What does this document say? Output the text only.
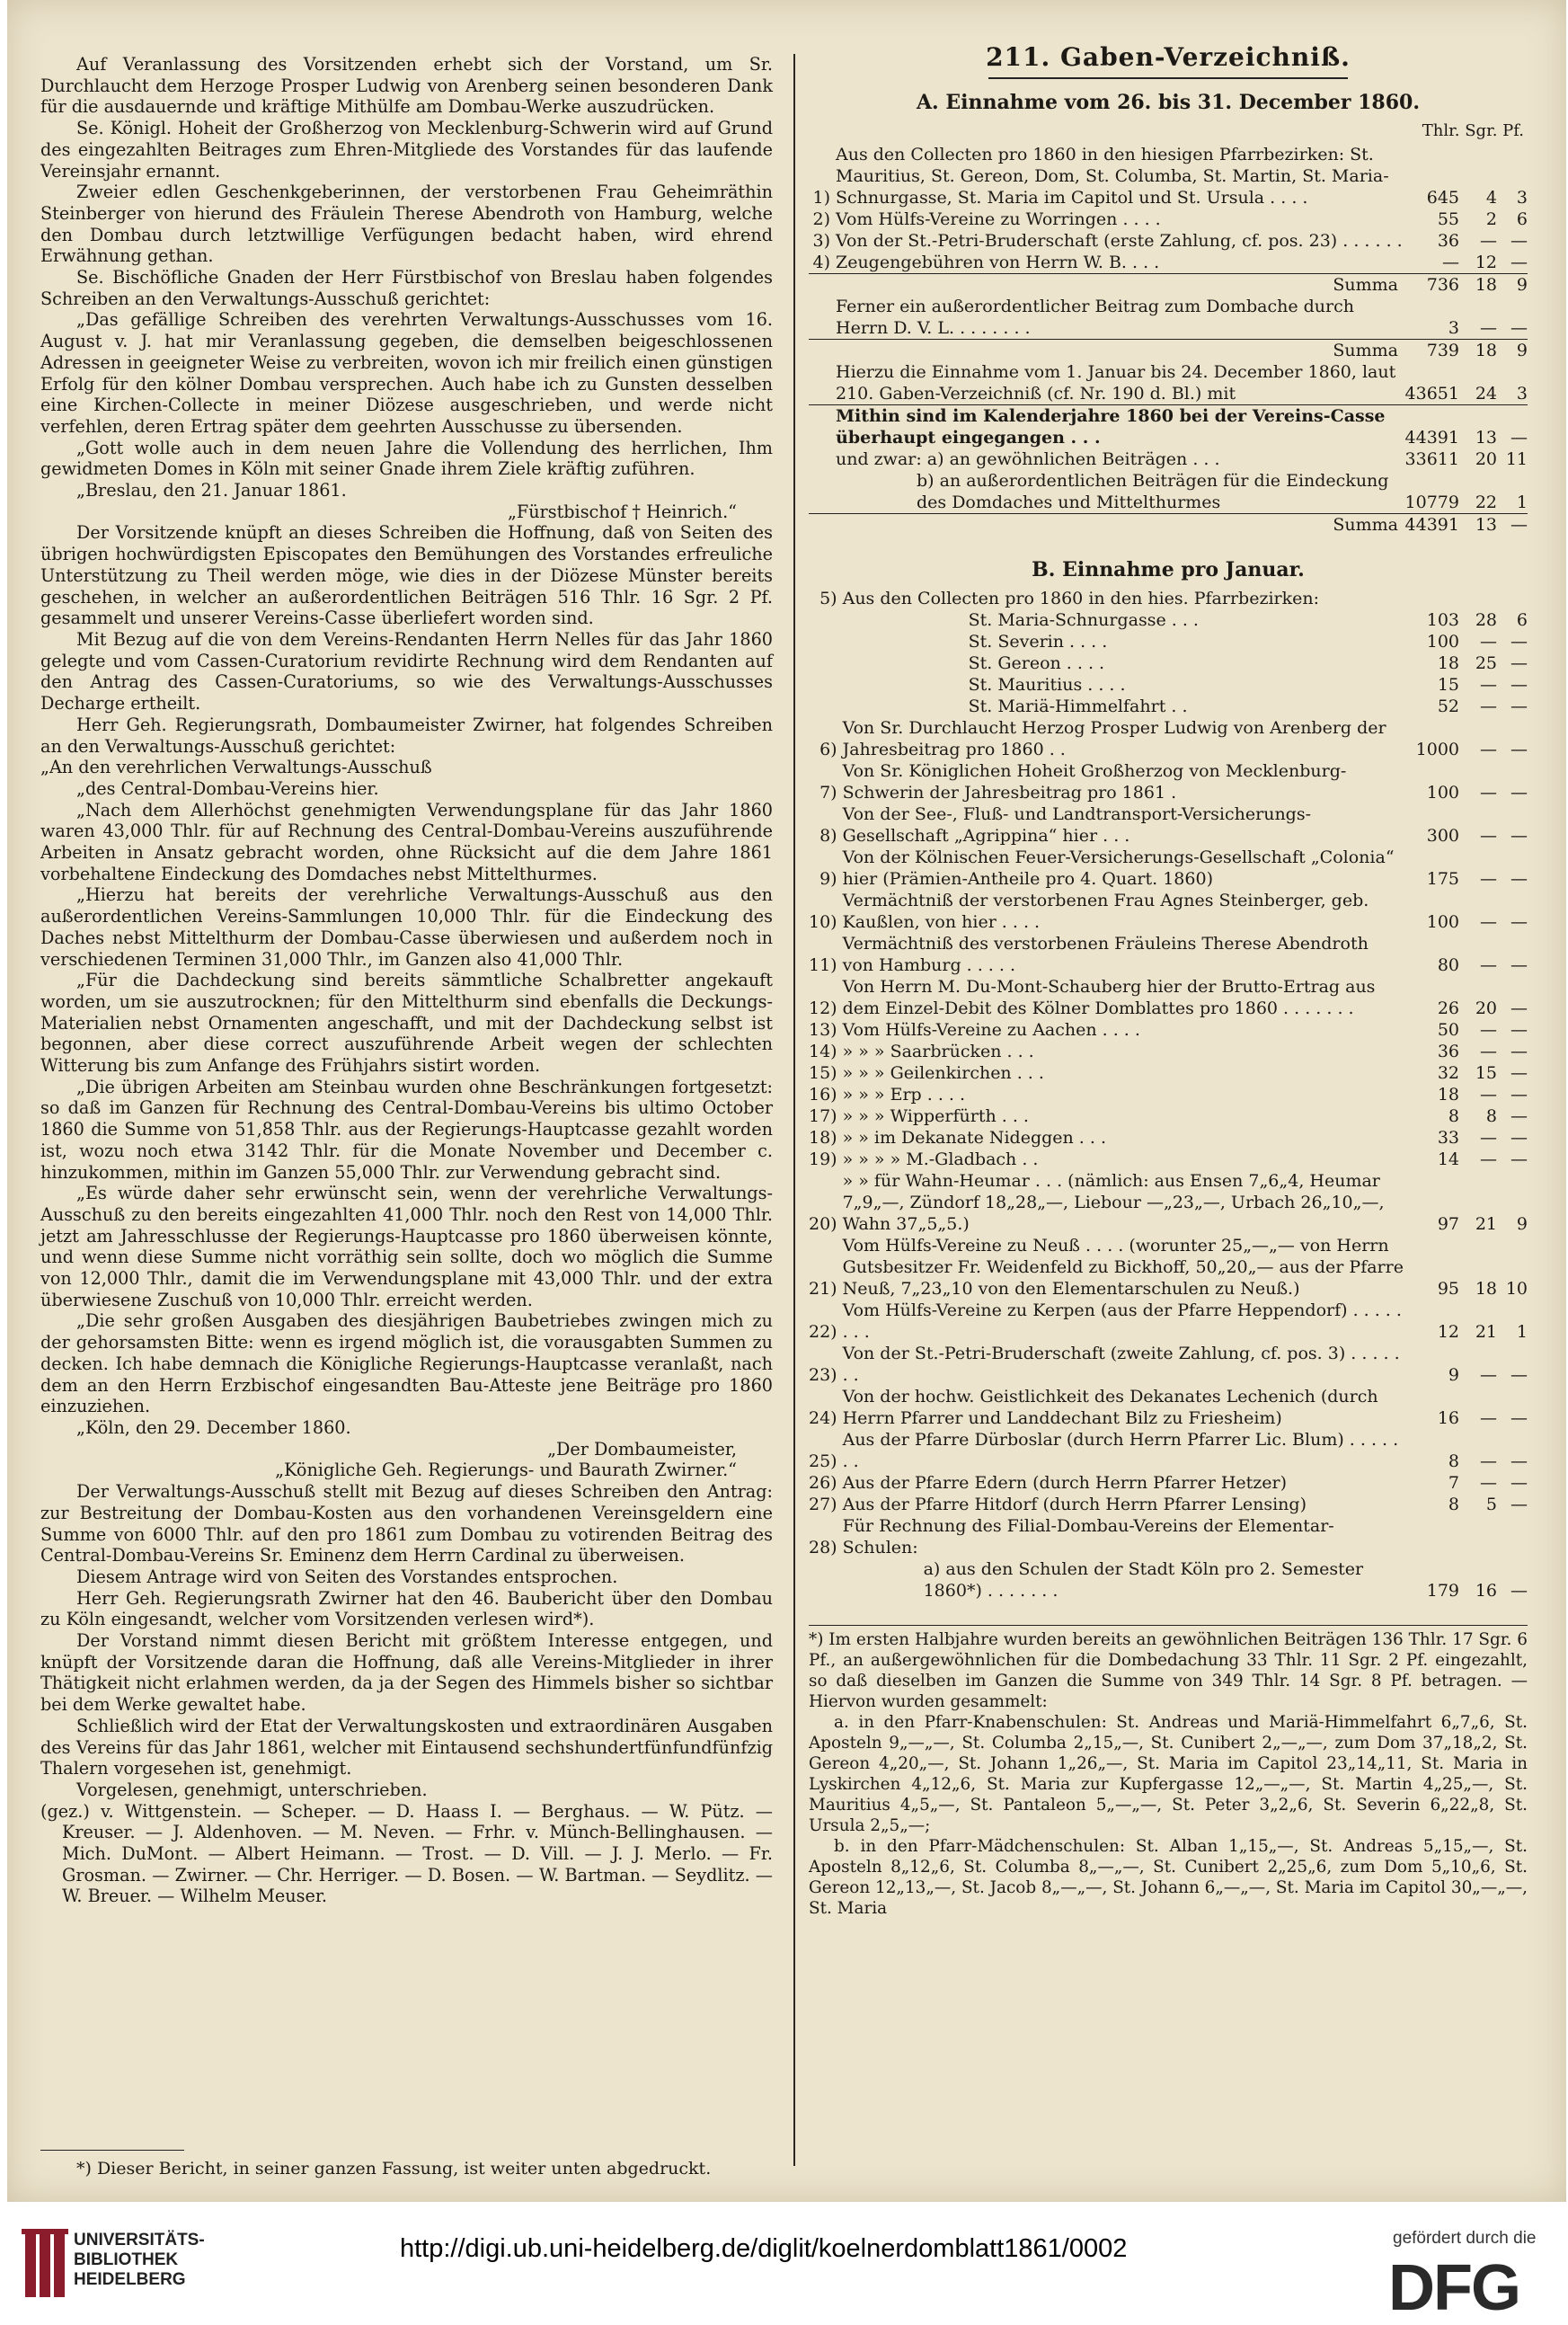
Auf Veranlassung des Vorsitzenden erhebt sich der Vorstand, um Sr. Durchlaucht dem Herzoge Prosper Ludwig von Arenberg seinen besonderen Dank für die ausdauernde und kräftige Mithülfe am Dombau-Werke auszudrücken.

Se. Königl. Hoheit der Großherzog von Mecklenburg-Schwerin wird auf Grund des eingezahlten Beitrages zum Ehren-Mitgliede des Vorstandes für das laufende Vereinsjahr ernannt.

Zweier edlen Geschenkgeberinnen, der verstorbenen Frau Geheimräthin Steinberger von hierund des Fräulein Therese Abendroth von Hamburg, welche den Dombau durch letztwillige Verfügungen bedacht haben, wird ehrend Erwähnung gethan.

Se. Bischöfliche Gnaden der Herr Fürstbischof von Breslau haben folgendes Schreiben an den Verwaltungs-Ausschuß gerichtet:

„Das gefällige Schreiben des verehrten Verwaltungs-Ausschusses vom 16. August v. J. hat mir Veranlassung gegeben, die demselben beigeschlossenen Adressen in geeigneter Weise zu verbreiten, wovon ich mir freilich einen günstigen Erfolg für den kölner Dombau versprechen. Auch habe ich zu Gunsten desselben eine Kirchen-Collecte in meiner Diözese ausgeschrieben, und werde nicht verfehlen, deren Ertrag später dem geehrten Ausschusse zu übersenden.

„Gott wolle auch in dem neuen Jahre die Vollendung des herrlichen, Ihm gewidmeten Domes in Köln mit seiner Gnade ihrem Ziele kräftig zuführen.

„Breslau, den 21. Januar 1861.

„Fürstbischof † Heinrich.“

Der Vorsitzende knüpft an dieses Schreiben die Hoffnung, daß von Seiten des übrigen hochwürdigsten Episcopates den Bemühungen des Vorstandes erfreuliche Unterstützung zu Theil werden möge, wie dies in der Diözese Münster bereits geschehen, in welcher an außerordentlichen Beiträgen 516 Thlr. 16 Sgr. 2 Pf. gesammelt und unserer Vereins-Casse überliefert worden sind.

Mit Bezug auf die von dem Vereins-Rendanten Herrn Nelles für das Jahr 1860 gelegte und vom Cassen-Curatorium revidirte Rechnung wird dem Rendanten auf den Antrag des Cassen-Curatoriums, so wie des Verwaltungs-Ausschusses Decharge ertheilt.

Herr Geh. Regierungsrath, Dombaumeister Zwirner, hat folgendes Schreiben an den Verwaltungs-Ausschuß gerichtet:

„An den verehrlichen Verwaltungs-Ausschuß

„des Central-Dombau-Vereins hier.

„Nach dem Allerhöchst genehmigten Verwendungsplane für das Jahr 1860 waren 43,000 Thlr. für auf Rechnung des Central-Dombau-Vereins auszuführende Arbeiten in Ansatz gebracht worden, ohne Rücksicht auf die dem Jahre 1861 vorbehaltene Eindeckung des Domdaches nebst Mittelthurmes.

„Hierzu hat bereits der verehrliche Verwaltungs-Ausschuß aus den außerordentlichen Vereins-Sammlungen 10,000 Thlr. für die Eindeckung des Daches nebst Mittelthurm der Dombau-Casse überwiesen und außerdem noch in verschiedenen Terminen 31,000 Thlr., im Ganzen also 41,000 Thlr.

„Für die Dachdeckung sind bereits sämmtliche Schalbretter angekauft worden, um sie auszutrocknen; für den Mittelthurm sind ebenfalls die Deckungs-Materialien nebst Ornamenten angeschafft, und mit der Dachdeckung selbst ist begonnen, aber diese correct auszuführende Arbeit wegen der schlechten Witterung bis zum Anfange des Frühjahrs sistirt worden.

„Die übrigen Arbeiten am Steinbau wurden ohne Beschränkungen fortgesetzt: so daß im Ganzen für Rechnung des Central-Dombau-Vereins bis ultimo October 1860 die Summe von 51,858 Thlr. aus der Regierungs-Hauptcasse gezahlt worden ist, wozu noch etwa 3142 Thlr. für die Monate November und December c. hinzukommen, mithin im Ganzen 55,000 Thlr. zur Verwendung gebracht sind.

„Es würde daher sehr erwünscht sein, wenn der verehrliche Verwaltungs-Ausschuß zu den bereits eingezahlten 41,000 Thlr. noch den Rest von 14,000 Thlr. jetzt am Jahresschlusse der Regierungs-Hauptcasse pro 1860 überweisen könnte, und wenn diese Summe nicht vorräthig sein sollte, doch wo möglich die Summe von 12,000 Thlr., damit die im Verwendungsplane mit 43,000 Thlr. und der extra überwiesene Zuschuß von 10,000 Thlr. erreicht werden.

„Die sehr großen Ausgaben des diesjährigen Baubetriebes zwingen mich zu der gehorsamsten Bitte: wenn es irgend möglich ist, die vorausgabten Summen zu decken. Ich habe demnach die Königliche Regierungs-Hauptcasse veranlaßt, nach dem an den Herrn Erzbischof eingesandten Bau-Atteste jene Beiträge pro 1860 einzuziehen.

„Köln, den 29. December 1860.

„Der Dombaumeister,

„Königliche Geh. Regierungs- und Baurath Zwirner.“

Der Verwaltungs-Ausschuß stellt mit Bezug auf dieses Schreiben den Antrag: zur Bestreitung der Dombau-Kosten aus den vorhandenen Vereinsgeldern eine Summe von 6000 Thlr. auf den pro 1861 zum Dombau zu votirenden Beitrag des Central-Dombau-Vereins Sr. Eminenz dem Herrn Cardinal zu überweisen.

Diesem Antrage wird von Seiten des Vorstandes entsprochen.

Herr Geh. Regierungsrath Zwirner hat den 46. Baubericht über den Dombau zu Köln eingesandt, welcher vom Vorsitzenden verlesen wird*).

Der Vorstand nimmt diesen Bericht mit größtem Interesse entgegen, und knüpft der Vorsitzende daran die Hoffnung, daß alle Vereins-Mitglieder in ihrer Thätigkeit nicht erlahmen werden, da ja der Segen des Himmels bisher so sichtbar bei dem Werke gewaltet habe.

Schließlich wird der Etat der Verwaltungskosten und extraordinären Ausgaben des Vereins für das Jahr 1861, welcher mit Eintausend sechshundertfünfundfünfzig Thalern vorgesehen ist, genehmigt.

Vorgelesen, genehmigt, unterschrieben.

(gez.) v. Wittgenstein. — Scheper. — D. Haass I. — Berghaus. — W. Pütz. — Kreuser. — J. Aldenhoven. — M. Neven. — Frhr. v. Münch-Bellinghausen. — Mich. DuMont. — Albert Heimann. — Trost. — D. Vill. — J. J. Merlo. — Fr. Grosman. — Zwirner. — Chr. Herriger. — D. Bosen. — W. Bartman. — Seydlitz. — W. Breuer. — Wilhelm Meuser.

*) Dieser Bericht, in seiner ganzen Fassung, ist weiter unten abgedruckt.
211. Gaben-Verzeichniß.
A. Einnahme vom 26. bis 31. December 1860.
Thlr. Sgr. Pf.
1)	Aus den Collecten pro 1860 in den hiesigen Pfarrbezirken: St. Mauritius, St. Gereon, Dom, St. Columba, St. Martin, St. Maria-Schnurgasse, St. Maria im Capitol und St. Ursula . . . .	645	4	3
2)	Vom Hülfs-Vereine zu Worringen . . . .	55	2	6
3)	Von der St.-Petri-Bruderschaft (erste Zahlung, cf. pos. 23) . . . . . .	36	—	—
4)	Zeugengebühren von Herrn W. B. . . .	—	12	—
	Summa	736	18	9
	Ferner ein außerordentlicher Beitrag zum Dombache durch Herrn D. V. L. . . . . . . .	3	—	—
	Summa	739	18	9
	Hierzu die Einnahme vom 1. Januar bis 24. December 1860, laut 210. Gaben-Verzeichniß (cf. Nr. 190 d. Bl.) mit	43651	24	3
	Mithin sind im Kalenderjahre 1860 bei der Vereins-Casse überhaupt eingegangen . . .	44391	13	—
	und zwar: a) an gewöhnlichen Beiträgen . . .	33611	20	11
	b) an außerordentlichen Beiträgen für die Eindeckung des Domdaches und Mittelthurmes	10779	22	1
	Summa	44391	13	—
B. Einnahme pro Januar.
5)	Aus den Collecten pro 1860 in den hies. Pfarrbezirken:			
	St. Maria-Schnurgasse . . .	103	28	6
	St. Severin . . . .	100	—	—
	St. Gereon . . . .	18	25	—
	St. Mauritius . . . .	15	—	—
	St. Mariä-Himmelfahrt . .	52	—	—
6)	Von Sr. Durchlaucht Herzog Prosper Ludwig von Arenberg der Jahresbeitrag pro 1860 . .	1000	—	—
7)	Von Sr. Königlichen Hoheit Großherzog von Mecklenburg-Schwerin der Jahresbeitrag pro 1861 .	100	—	—
8)	Von der See-, Fluß- und Landtransport-Versicherungs-Gesellschaft „Agrippina“ hier . . .	300	—	—
9)	Von der Kölnischen Feuer-Versicherungs-Gesellschaft „Colonia“ hier (Prämien-Antheile pro 4. Quart. 1860)	175	—	—
10)	Vermächtniß der verstorbenen Frau Agnes Steinberger, geb. Kaußlen, von hier . . . .	100	—	—
11)	Vermächtniß des verstorbenen Fräuleins Therese Abendroth von Hamburg . . . . .	80	—	—
12)	Von Herrn M. Du-Mont-Schauberg hier der Brutto-Ertrag aus dem Einzel-Debit des Kölner Domblattes pro 1860 . . . . . . .	26	20	—
13)	Vom Hülfs-Vereine zu Aachen . . . .	50	—	—
14)	» » » Saarbrücken . . .	36	—	—
15)	» » » Geilenkirchen . . .	32	15	—
16)	» » » Erp . . . .	18	—	—
17)	» » » Wipperfürth . . .	8	8	—
18)	» » im Dekanate Nideggen . . .	33	—	—
19)	» » » » M.-Gladbach . .	14	—	—
20)	» » für Wahn-Heumar . . . (nämlich: aus Ensen 7„6„4, Heumar 7„9„—, Zündorf 18„28„—, Liebour —„23„—, Urbach 26„10„—, Wahn 37„5„5.)	97	21	9
21)	Vom Hülfs-Vereine zu Neuß . . . . (worunter 25„—„— von Herrn Gutsbesitzer Fr. Weidenfeld zu Bickhoff, 50„20„— aus der Pfarre Neuß, 7„23„10 von den Elementarschulen zu Neuß.)	95	18	10
22)	Vom Hülfs-Vereine zu Kerpen (aus der Pfarre Heppendorf) . . . . . . . .	12	21	1
23)	Von der St.-Petri-Bruderschaft (zweite Zahlung, cf. pos. 3) . . . . . . .	9	—	—
24)	Von der hochw. Geistlichkeit des Dekanates Lechenich (durch Herrn Pfarrer und Landdechant Bilz zu Friesheim)	16	—	—
25)	Aus der Pfarre Dürboslar (durch Herrn Pfarrer Lic. Blum) . . . . . . .	8	—	—
26)	Aus der Pfarre Edern (durch Herrn Pfarrer Hetzer)	7	—	—
27)	Aus der Pfarre Hitdorf (durch Herrn Pfarrer Lensing)	8	5	—
28)	Für Rechnung des Filial-Dombau-Vereins der Elementar-Schulen:			
	a) aus den Schulen der Stadt Köln pro 2. Semester 1860*) . . . . . . .	179	16	—

*) Im ersten Halbjahre wurden bereits an gewöhnlichen Beiträgen 136 Thlr. 17 Sgr. 6 Pf., an außergewöhnlichen für die Dombedachung 33 Thlr. 11 Sgr. 2 Pf. eingezahlt, so daß dieselben im Ganzen die Summe von 349 Thlr. 14 Sgr. 8 Pf. betragen. — Hiervon wurden gesammelt:

a. in den Pfarr-Knabenschulen: St. Andreas und Mariä-Himmelfahrt 6„7„6, St. Aposteln 9„—„—, St. Columba 2„15„—, St. Cunibert 2„—„—, zum Dom 37„18„2, St. Gereon 4„20„—, St. Johann 1„26„—, St. Maria im Capitol 23„14„11, St. Maria in Lyskirchen 4„12„6, St. Maria zur Kupfergasse 12„—„—, St. Martin 4„25„—, St. Mauritius 4„5„—, St. Pantaleon 5„—„—, St. Peter 3„2„6, St. Severin 6„22„8, St. Ursula 2„5„—;

b. in den Pfarr-Mädchenschulen: St. Alban 1„15„—, St. Andreas 5„15„—, St. Aposteln 8„12„6, St. Columba 8„—„—, St. Cunibert 2„25„6, zum Dom 5„10„6, St. Gereon 12„13„—, St. Jacob 8„—„—, St. Johann 6„—„—, St. Maria im Capitol 30„—„—, St. Maria

UNIVERSITÄTS-
BIBLIOTHEK
HEIDELBERG
http://digi.ub.uni-heidelberg.de/diglit/koelnerdomblatt1861/0002	gefördert durch die
DFG
